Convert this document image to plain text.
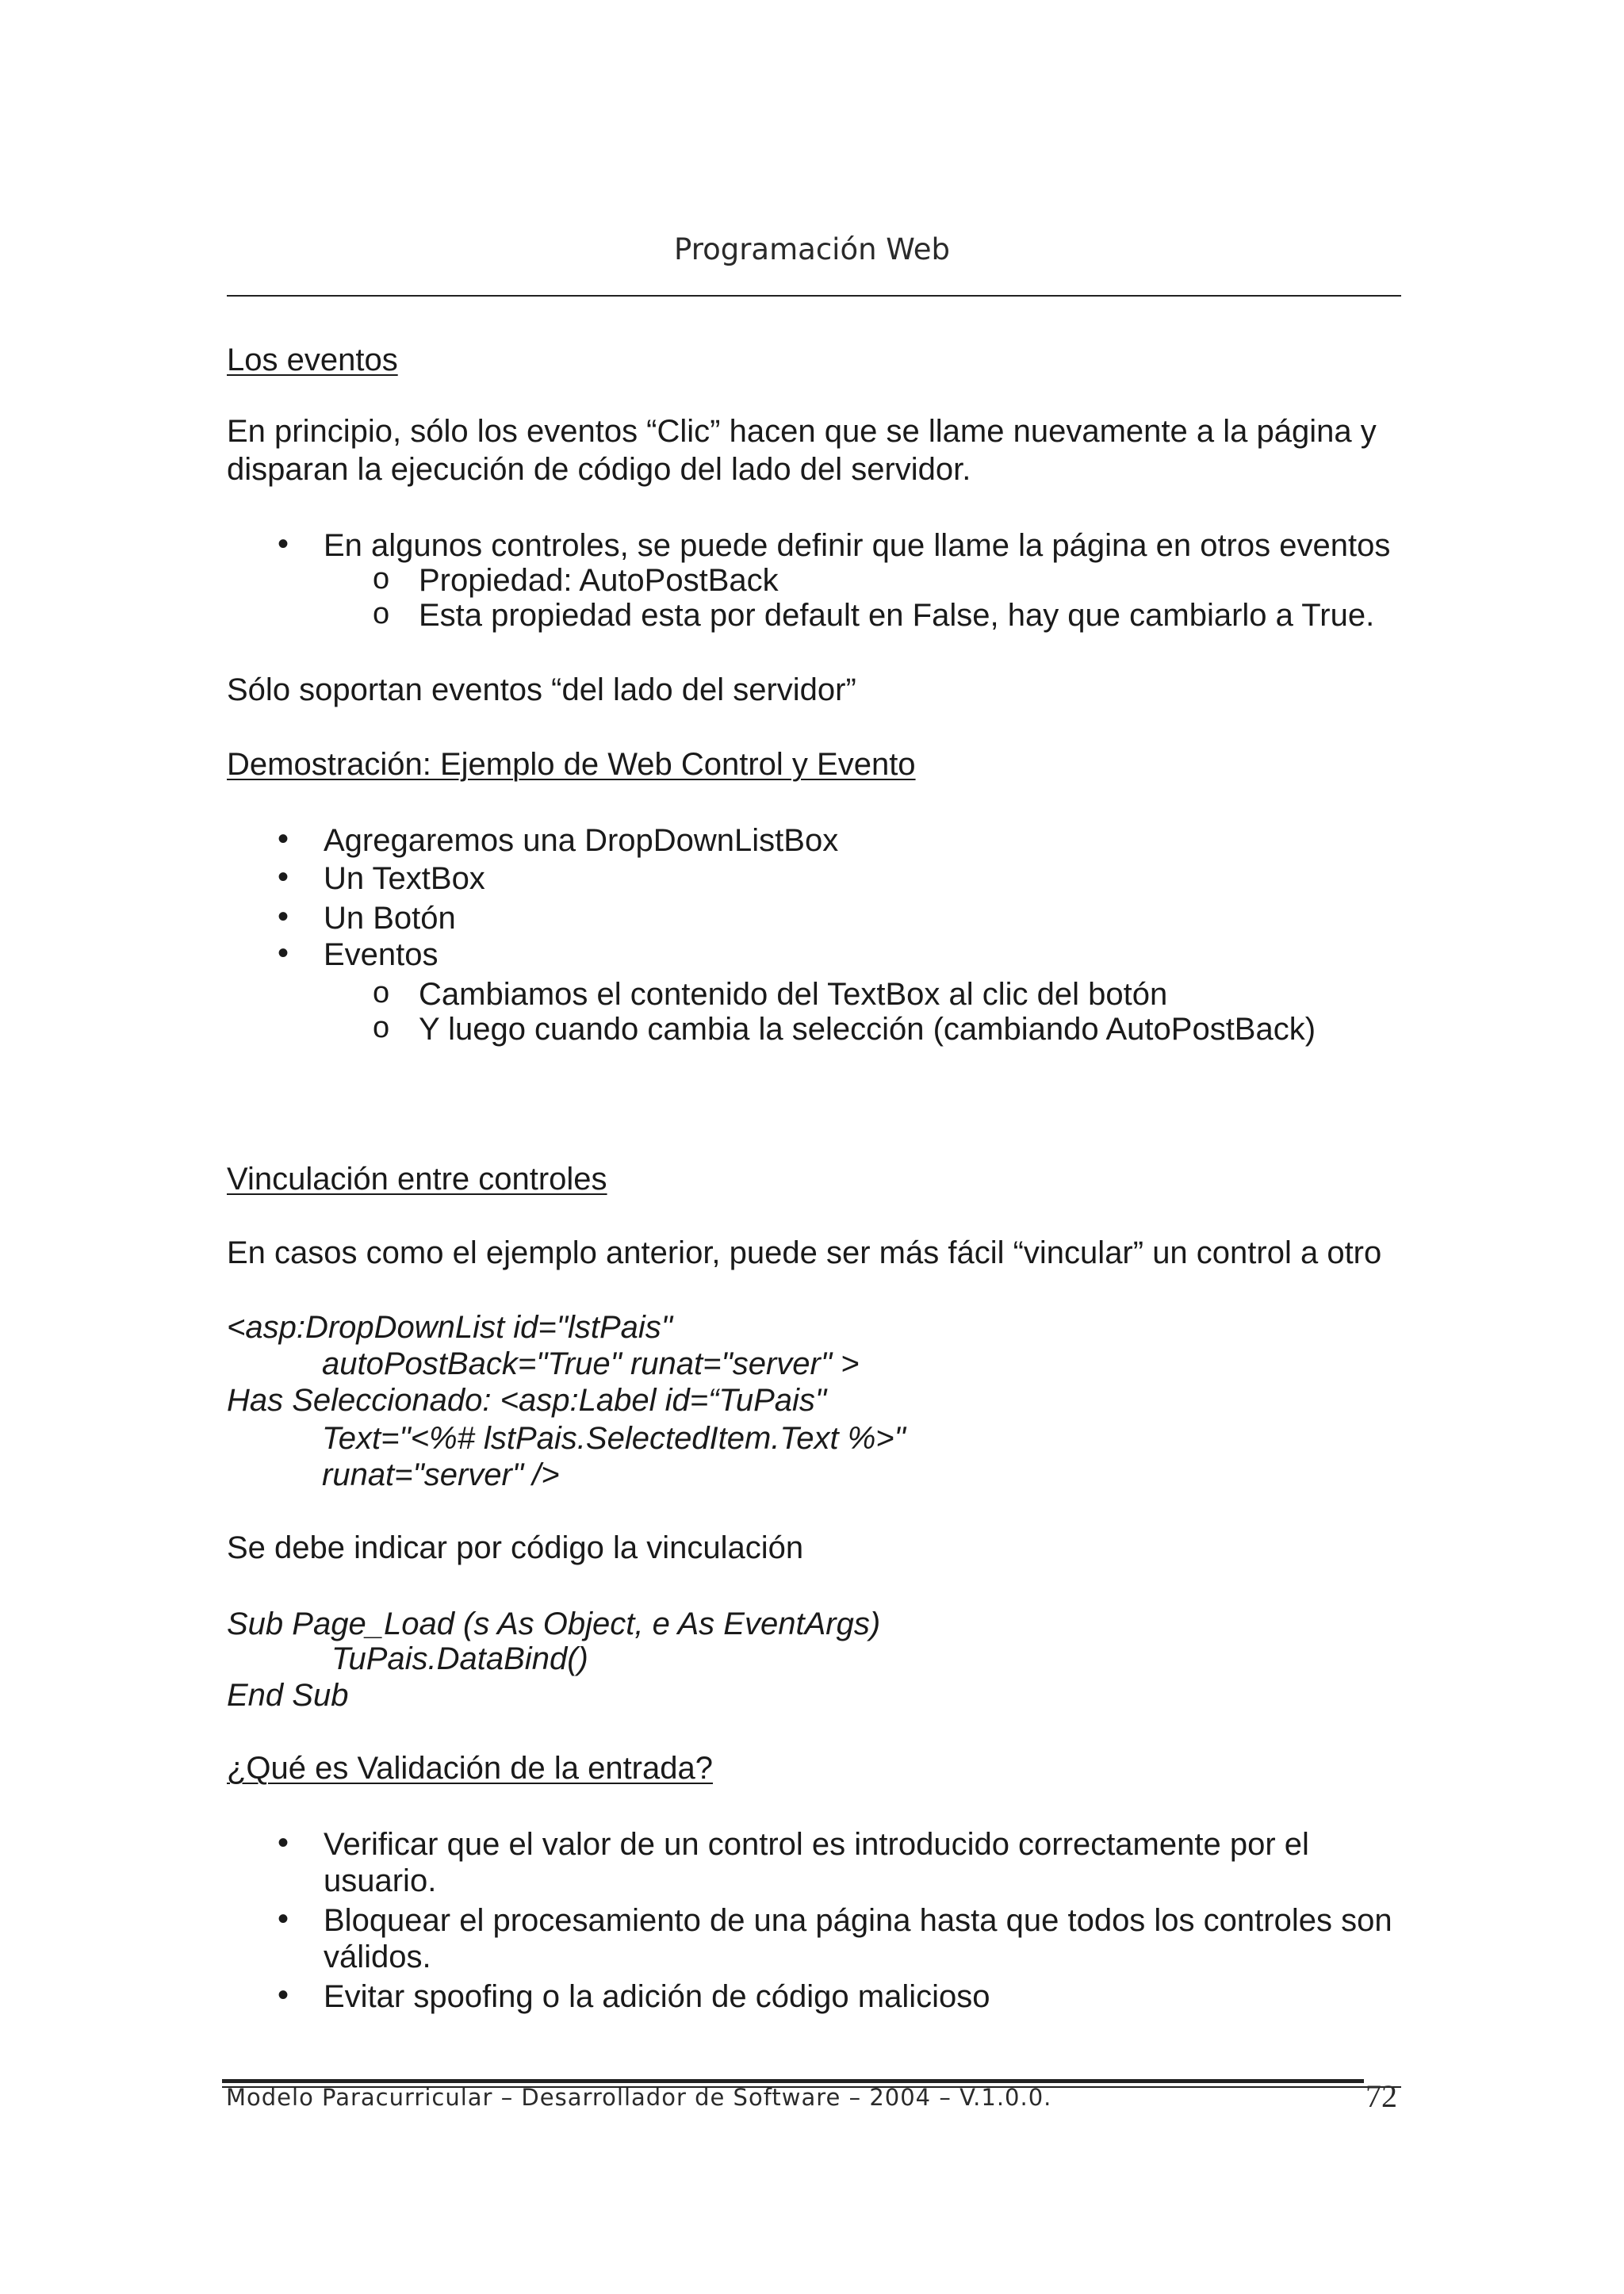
Programación Web
Los eventos
En principio, sólo los eventos “Clic” hacen que se llame nuevamente a la página y
disparan la ejecución de código del lado del servidor.
• En algunos controles, se puede definir que llame la página en otros eventos
o Propiedad: AutoPostBack
o Esta propiedad esta por default en False, hay que cambiarlo a True.
Sólo soportan eventos “del lado del servidor”
Demostración: Ejemplo de Web Control y Evento
• Agregaremos una DropDownListBox
• Un TextBox
• Un Botón
• Eventos
o Cambiamos el contenido del TextBox al clic del botón
o Y luego cuando cambia la selección (cambiando AutoPostBack)
Vinculación entre controles
En casos como el ejemplo anterior, puede ser más fácil “vincular” un control a otro
<asp:DropDownList id="lstPais"
autoPostBack="True" runat="server" >
Has Seleccionado: <asp:Label id=“TuPais"
Text="<%# lstPais.SelectedItem.Text %>"
runat="server" />
Se debe indicar por código la vinculación
Sub Page_Load (s As Object, e As EventArgs)
TuPais.DataBind()
End Sub
¿Qué es Validación de la entrada?
• Verificar que el valor de un control es introducido correctamente por el
usuario.
• Bloquear el procesamiento de una página hasta que todos los controles son
válidos.
• Evitar spoofing o la adición de código malicioso
Modelo Paracurricular – Desarrollador de Software – 2004 – V.1.0.0.	72
